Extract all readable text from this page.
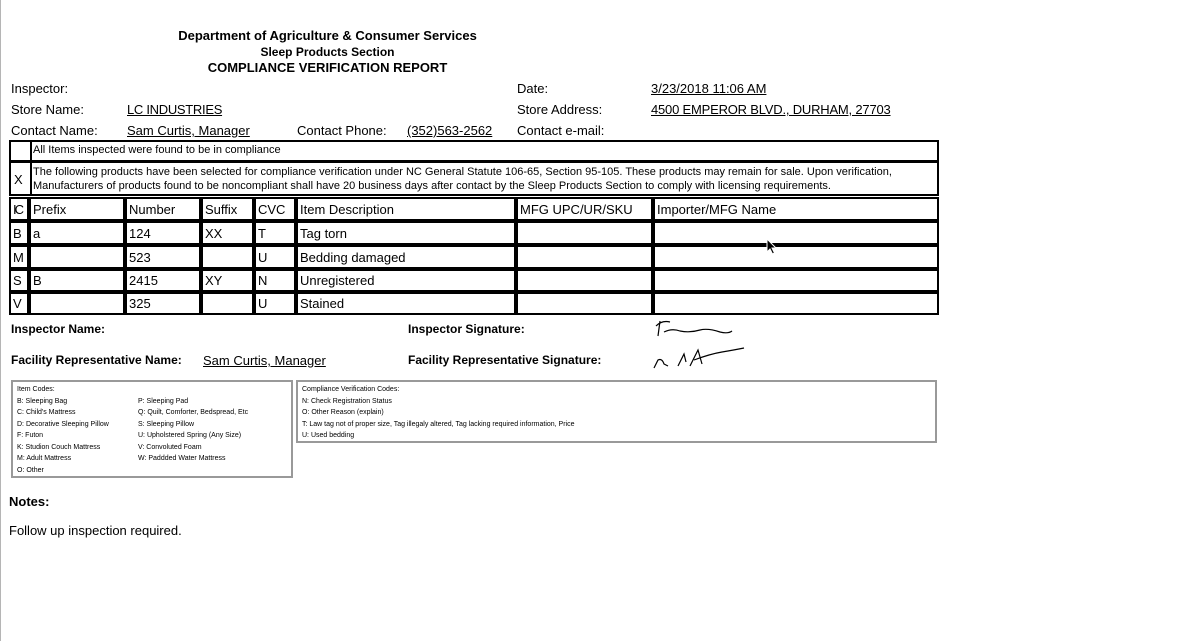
Department of Agriculture & Consumer Services
Sleep Products Section
COMPLIANCE VERIFICATION REPORT
Inspector:	Date:	3/23/2018 11:06 AM
Store Name:	LC INDUSTRIES	Store Address:	4500 EMPEROR BLVD., DURHAM, 27703
Contact Name: Sam Curtis, Manager	Contact Phone: (352)563-2562 Contact e-mail:
All Items inspected were found to be in compliance
X The following products have been selected for compliance verification under NC General Statute 106-65, Section 95-105. These products may remain for sale. Upon verification,
Manufacturers of products found to be noncompliant shall have 20 business days after contact by the Sleep Products Section to comply with licensing requirements.
IC	Prefix	Number	Suffix	CVC	Item Description	MFG UPC/UR/SKU	Importer/MFG Name
B	a	124	XX	T	Tag torn		
M		523		U	Bedding damaged		
S	B	2415	XY	N	Unregistered		
V		325		U	Stained		
Inspector Name:	Inspector Signature:
Facility Representative Name: Sam Curtis, Manager	Facility Representative Signature:
Item Codes:
B: Sleeping Bag
C: Child's Mattress
D: Decorative Sleeping Pillow
F: Futon
K: Studion Couch Mattress
M: Adult Mattress
O: Other
P: Sleeping Pad
Q: Quilt, Comforter, Bedspread, Etc
S: Sleeping Pillow
U: Upholstered Spring (Any Size)
V: Convoluted Foam
W: Paddded Water Mattress
Compliance Verification Codes:
N: Check Registration Status
O: Other Reason (explain)
T: Law tag not of proper size, Tag illegaly altered, Tag lacking required information, Price
U: Used bedding
Notes:
Follow up inspection required.
